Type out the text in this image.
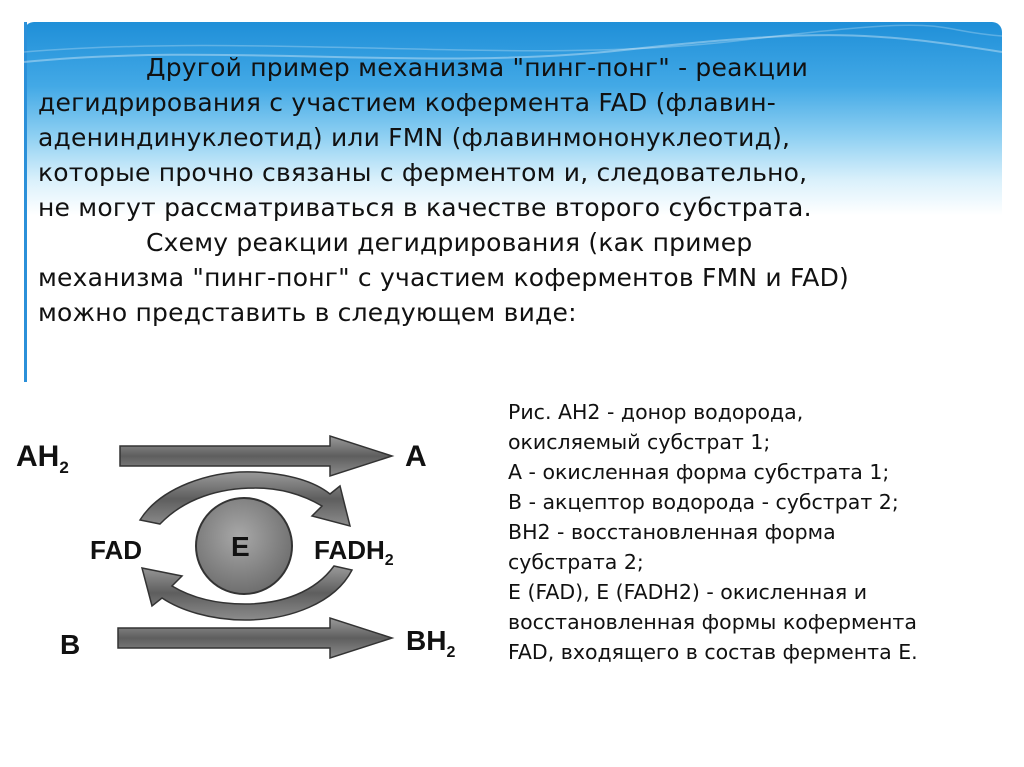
Другой пример механизма "пинг-понг" - реакции
дегидрирования с участием кофермента FAD (флавин-
адениндинуклеотид) или FMN (флавинмононуклеотид),
которые прочно связаны с ферментом и, следовательно,
не могут рассматриваться в качестве второго субстрата.

Схему реакции дегидрирования (как пример
механизма "пинг-понг" с участием коферментов FMN и FAD)
можно представить в следующем виде:

$AH_2$	A
FAD	E $FADH_2$
B	$BH_2$
Рис. АН2 - донор водорода,
окисляемый субстрат 1;
А - окисленная форма субстрата 1;
В - акцептор водорода - субстрат 2;
ВН2 - восстановленная форма
субстрата 2;
Е (FAD), Е (FADH2) - окисленная и
восстановленная формы кофермента
FAD, входящего в состав фермента Е.
